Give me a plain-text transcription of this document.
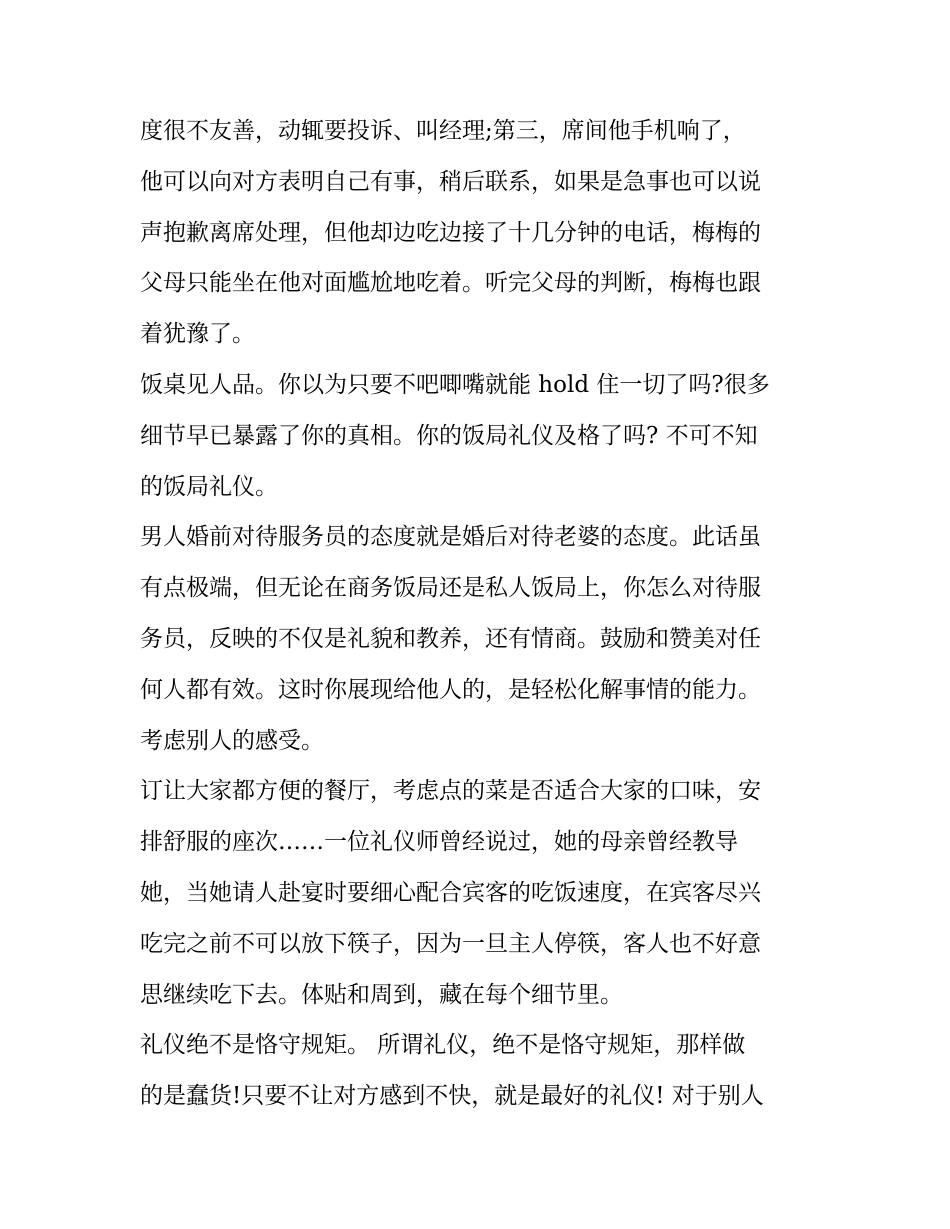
度很不友善，动辄要投诉、叫经理;第三，席间他手机响了，
他可以向对方表明自己有事，稍后联系，如果是急事也可以说
声抱歉离席处理，但他却边吃边接了十几分钟的电话，梅梅的
父母只能坐在他对面尴尬地吃着。听完父母的判断，梅梅也跟
着犹豫了。
饭桌见人品。你以为只要不吧唧嘴就能 hold 住一切了吗?很多
细节早已暴露了你的真相。你的饭局礼仪及格了吗? 不可不知
的饭局礼仪。
男人婚前对待服务员的态度就是婚后对待老婆的态度。此话虽
有点极端，但无论在商务饭局还是私人饭局上，你怎么对待服
务员，反映的不仅是礼貌和教养，还有情商。鼓励和赞美对任
何人都有效。这时你展现给他人的，是轻松化解事情的能力。
考虑别人的感受。
订让大家都方便的餐厅，考虑点的菜是否适合大家的口味，安
排舒服的座次……一位礼仪师曾经说过，她的母亲曾经教导
她，当她请人赴宴时要细心配合宾客的吃饭速度，在宾客尽兴
吃完之前不可以放下筷子，因为一旦主人停筷，客人也不好意
思继续吃下去。体贴和周到，藏在每个细节里。
礼仪绝不是恪守规矩。 所谓礼仪，绝不是恪守规矩，那样做
的是蠢货!只要不让对方感到不快，就是最好的礼仪! 对于别人
